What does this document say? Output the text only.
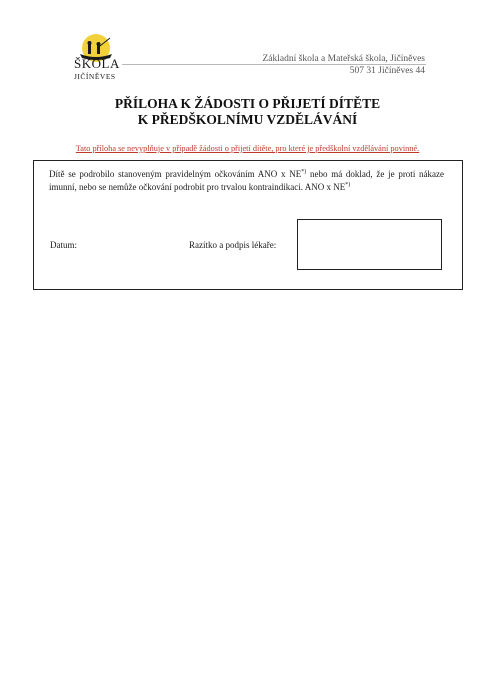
ŠKOLA
JIČÍNĚVES
Základní škola a Mateřská škola, Jičíněves
507 31 Jičíněves 44
PŘÍLOHA K ŽÁDOSTI O PŘIJETÍ DÍTĚTE
K PŘEDŠKOLNÍMU VZDĚLÁVÁNÍ
Tato příloha se nevyplňuje v případě žádosti o přijetí dítěte, pro které je předškolní vzdělávání povinné.
Dítě se podrobilo stanoveným pravidelným očkováním ANO x NE*) nebo má doklad, že je proti nákaze imunní, nebo se nemůže očkování podrobit pro trvalou kontraindikaci. ANO x NE*)
Datum:	Razítko a podpis lékaře:
